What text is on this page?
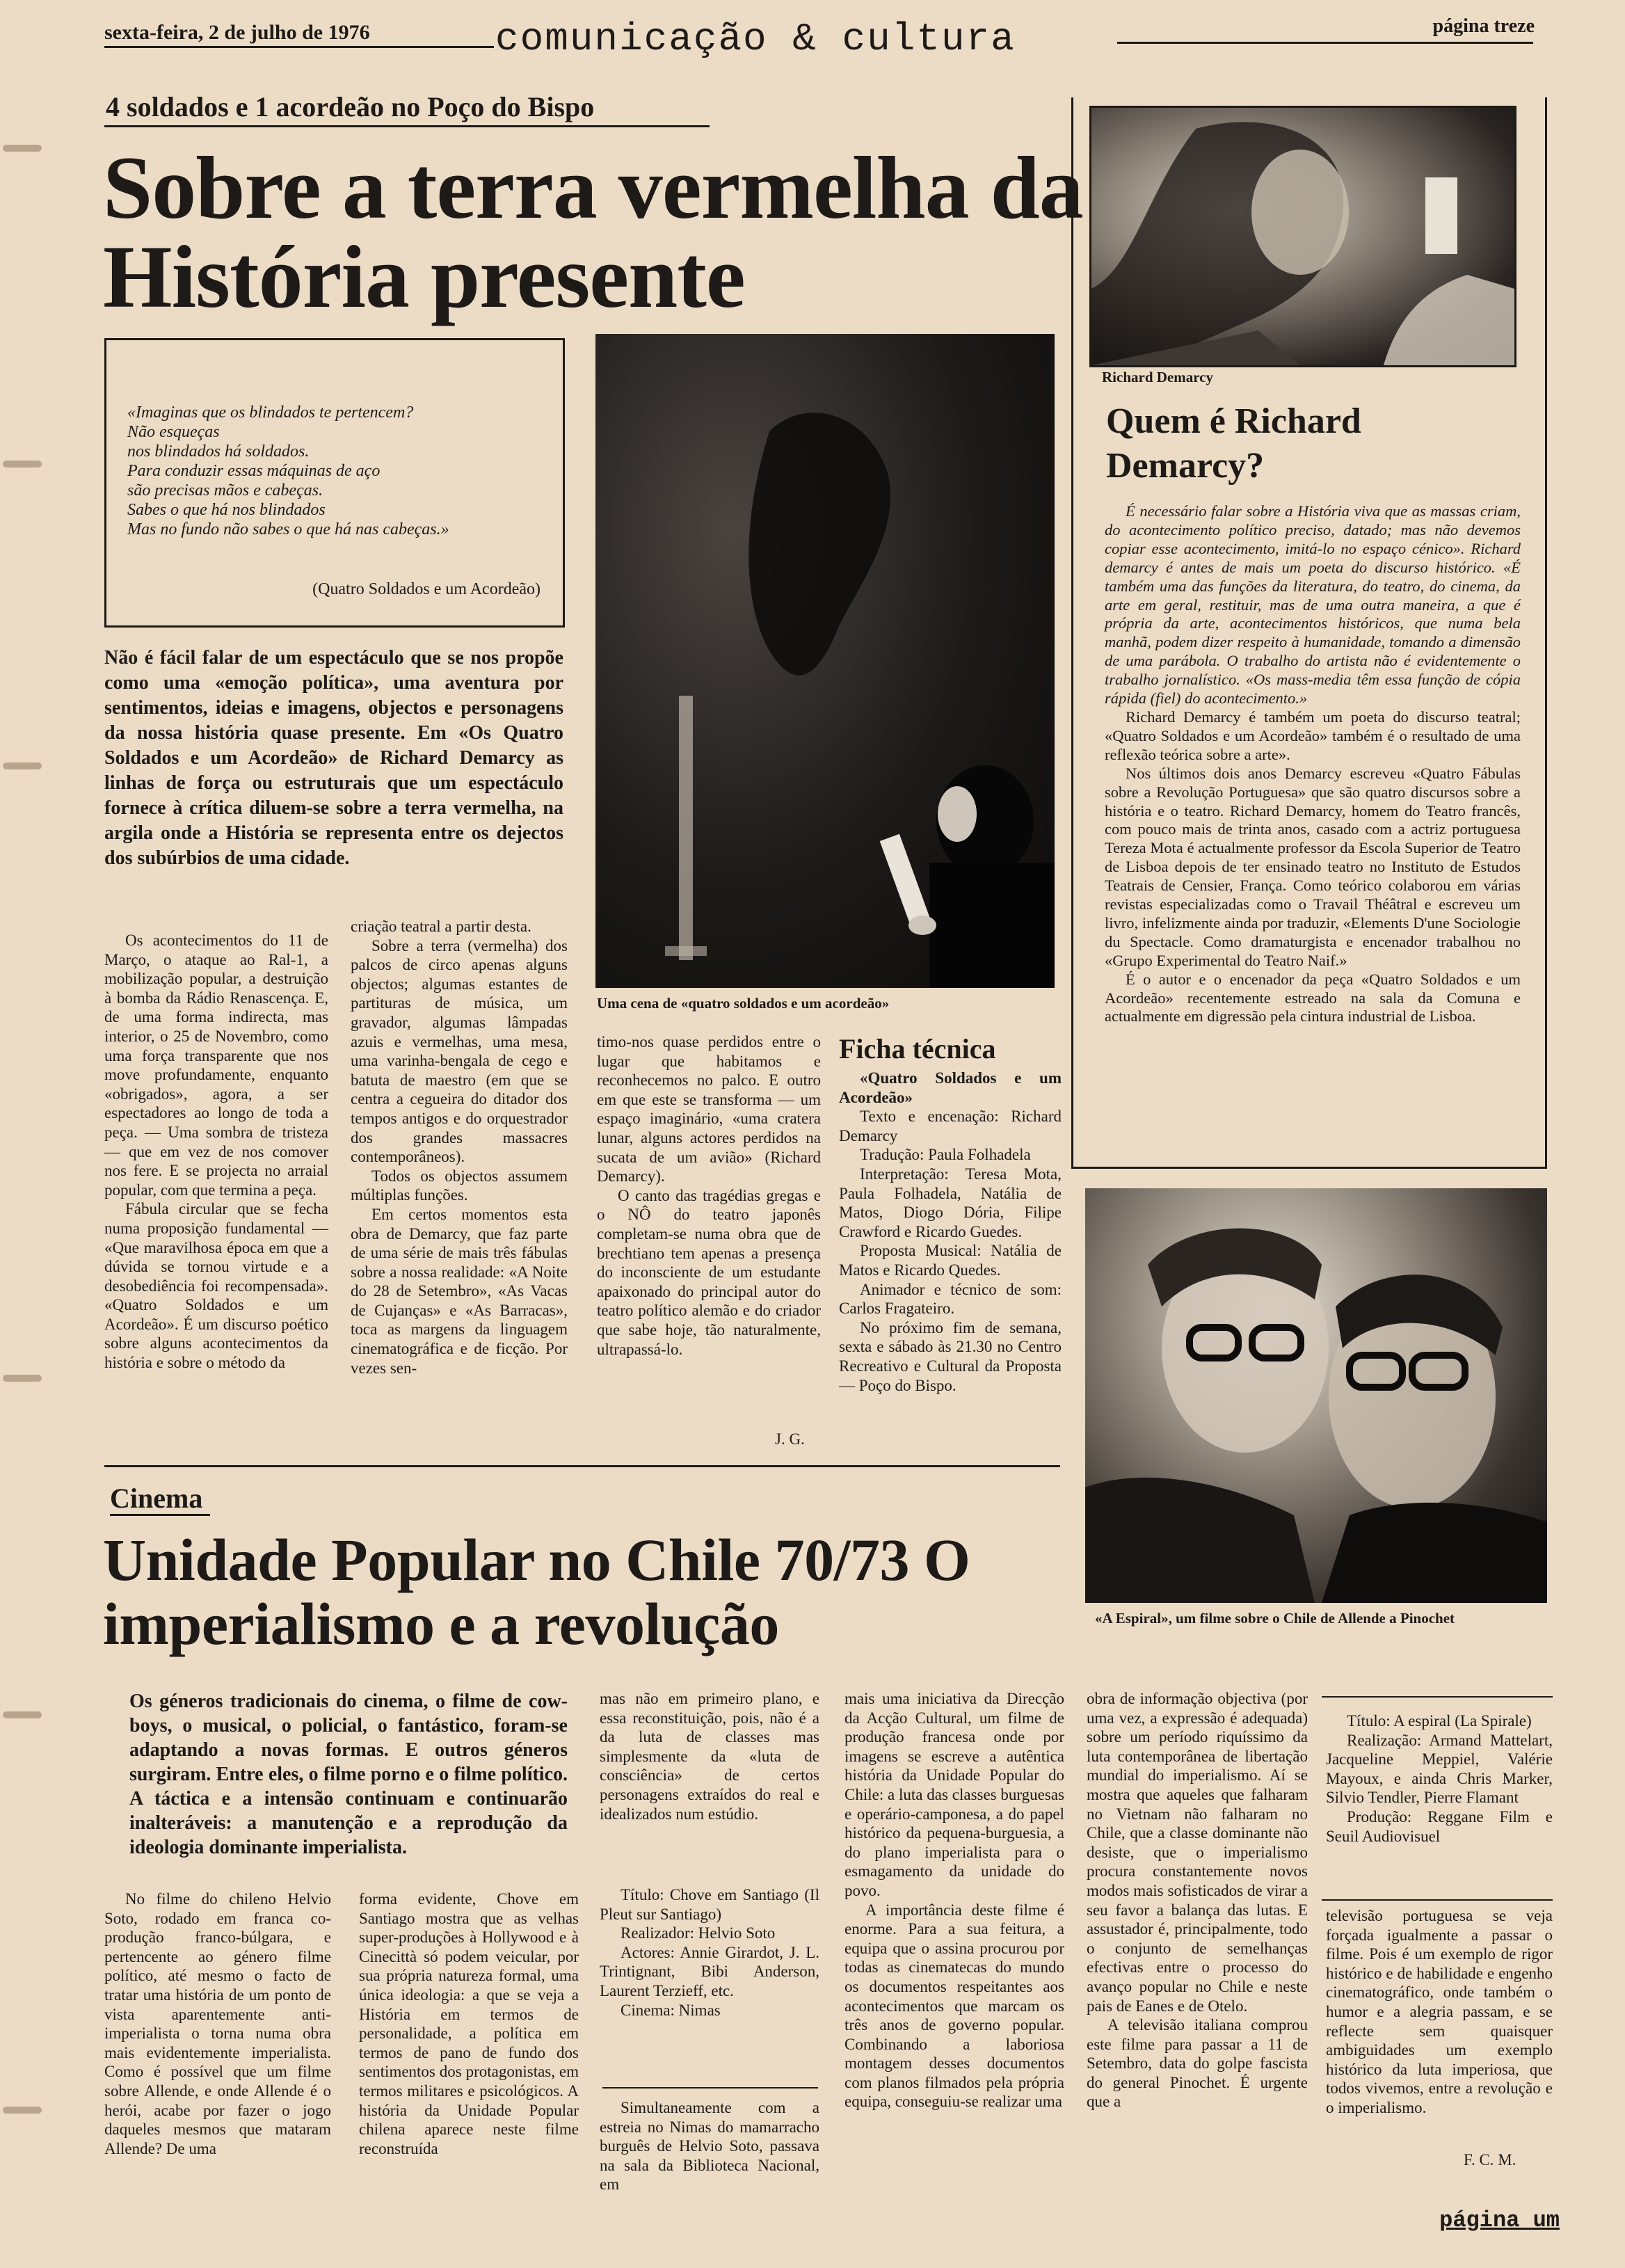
sexta-feira, 2 de julho de 1976	comunicação & cultura	página treze
4 soldados e 1 acordeão no Poço do Bispo
Sobre a terra vermelha da História presente
«Imaginas que os blindados te pertencem?
Não esqueças
nos blindados há soldados.
Para conduzir essas máquinas de aço
são precisas mãos e cabeças.
Sabes o que há nos blindados
Mas no fundo não sabes o que há nas cabeças.»
(Quatro Soldados e um Acordeão)
Não é fácil falar de um espectáculo que se nos propõe como uma «emoção política», uma aventura por sentimentos, ideias e imagens, objectos e personagens da nossa história quase presente. Em «Os Quatro Soldados e um Acordeão» de Richard Demarcy as linhas de força ou estruturais que um espectáculo fornece à crítica diluem-se sobre a terra vermelha, na argila onde a História se representa entre os dejectos dos subúrbios de uma cidade.

Os acontecimentos do 11 de Março, o ataque ao Ral-1, a mobilização popular, a destruição à bomba da Rádio Renascença. E, de uma forma indirecta, mas interior, o 25 de Novembro, como uma força transparente que nos move profundamente, enquanto «obrigados», agora, a ser espectadores ao longo de toda a peça. — Uma sombra de tristeza — que em vez de nos comover nos fere. E se projecta no arraial popular, com que termina a peça.

Fábula circular que se fecha numa proposição fundamental — «Que maravilhosa época em que a dúvida se tornou virtude e a desobediência foi recompensada». «Quatro Soldados e um Acordeão». É um discurso poético sobre alguns acontecimentos da história e sobre o método da

criação teatral a partir desta.

Sobre a terra (vermelha) dos palcos de circo apenas alguns objectos; algumas estantes de partituras de música, um gravador, algumas lâmpadas azuis e vermelhas, uma mesa, uma varinha-bengala de cego e batuta de maestro (em que se centra a cegueira do ditador dos tempos antigos e do orquestrador dos grandes massacres contemporâneos).

Todos os objectos assumem múltiplas funções.

Em certos momentos esta obra de Demarcy, que faz parte de uma série de mais três fábulas sobre a nossa realidade: «A Noite do 28 de Setembro», «As Vacas de Cujanças» e «As Barracas», toca as margens da linguagem cinematográfica e de ficção. Por vezes sen-

Uma cena de «quatro soldados e um acordeão»

timo-nos quase perdidos entre o lugar que habitamos e reconhecemos no palco. E outro em que este se transforma — um espaço imaginário, «uma cratera lunar, alguns actores perdidos na sucata de um avião» (Richard Demarcy).

O canto das tragédias gregas e o NÔ do teatro japonês completam-se numa obra que de brechtiano tem apenas a presença do inconsciente de um estudante apaixonado do principal autor do teatro político alemão e do criador que sabe hoje, tão naturalmente, ultrapassá-lo.

J. G.
Ficha técnica

«Quatro Soldados e um Acordeão»

Texto e encenação: Richard Demarcy

Tradução: Paula Folhadela

Interpretação: Teresa Mota, Paula Folhadela, Natália de Matos, Diogo Dória, Filipe Crawford e Ricardo Guedes.

Proposta Musical: Natália de Matos e Ricardo Quedes.

Animador e técnico de som: Carlos Fragateiro.

No próximo fim de semana, sexta e sábado às 21.30 no Centro Recreativo e Cultural da Proposta — Poço do Bispo.

Richard Demarcy
Quem é Richard Demarcy?

É necessário falar sobre a História viva que as massas criam, do acontecimento político preciso, datado; mas não devemos copiar esse acontecimento, imitá-lo no espaço cénico». Richard demarcy é antes de mais um poeta do discurso histórico. «É também uma das funções da literatura, do teatro, do cinema, da arte em geral, restituir, mas de uma outra maneira, a que é própria da arte, acontecimentos históricos, que numa bela manhã, podem dizer respeito à humanidade, tomando a dimensão de uma parábola. O trabalho do artista não é evidentemente o trabalho jornalístico. «Os mass-media têm essa função de cópia rápida (fiel) do acontecimento.»

Richard Demarcy é também um poeta do discurso teatral; «Quatro Soldados e um Acordeão» também é o resultado de uma reflexão teórica sobre a arte».

Nos últimos dois anos Demarcy escreveu «Quatro Fábulas sobre a Revolução Portuguesa» que são quatro discursos sobre a história e o teatro. Richard Demarcy, homem do Teatro francês, com pouco mais de trinta anos, casado com a actriz portuguesa Tereza Mota é actualmente professor da Escola Superior de Teatro de Lisboa depois de ter ensinado teatro no Instituto de Estudos Teatrais de Censier, França. Como teórico colaborou em várias revistas especializadas como o Travail Théâtral e escreveu um livro, infelizmente ainda por traduzir, «Elements D'une Sociologie du Spectacle. Como dramaturgista e encenador trabalhou no «Grupo Experimental do Teatro Naif.»

É o autor e o encenador da peça «Quatro Soldados e um Acordeão» recentemente estreado na sala da Comuna e actualmente em digressão pela cintura industrial de Lisboa.

Cinema
Unidade Popular no Chile 70/73 O imperialismo e a revolução
Os géneros tradicionais do cinema, o filme de cow-boys, o musical, o policial, o fantástico, foram-se adaptando a novas formas. E outros géneros surgiram. Entre eles, o filme porno e o filme político. A táctica e a intensão continuam e continuarão inalteráveis: a manutenção e a reprodução da ideologia dominante imperialista.

No filme do chileno Helvio Soto, rodado em franca co-produção franco-búlgara, e pertencente ao género filme político, até mesmo o facto de tratar uma história de um ponto de vista aparentemente anti-imperialista o torna numa obra mais evidentemente imperialista. Como é possível que um filme sobre Allende, e onde Allende é o herói, acabe por fazer o jogo daqueles mesmos que mataram Allende? De uma

forma evidente, Chove em Santiago mostra que as velhas super-produções à Hollywood e à Cinecittà só podem veicular, por sua própria natureza formal, uma única ideologia: a que se veja a História em termos de personalidade, a política em termos de pano de fundo dos sentimentos dos protagonistas, em termos militares e psicológicos. A história da Unidade Popular chilena aparece neste filme reconstruída

mas não em primeiro plano, e essa reconstituição, pois, não é a da luta de classes mas simplesmente da «luta de consciência» de certos personagens extraídos do real e idealizados num estúdio.

Título: Chove em Santiago (Il Pleut sur Santiago)

Realizador: Helvio Soto

Actores: Annie Girardot, J. L. Trintignant, Bibi Anderson, Laurent Terzieff, etc.

Cinema: Nimas

Simultaneamente com a estreia no Nimas do mamarracho burguês de Helvio Soto, passava na sala da Biblioteca Nacional, em

mais uma iniciativa da Direcção da Acção Cultural, um filme de produção francesa onde por imagens se escreve a autêntica história da Unidade Popular do Chile: a luta das classes burguesas e operário-camponesa, a do papel histórico da pequena-burguesia, a do plano imperialista para o esmagamento da unidade do povo.

A importância deste filme é enorme. Para a sua feitura, a equipa que o assina procurou por todas as cinematecas do mundo os documentos respeitantes aos acontecimentos que marcam os três anos de governo popular. Combinando a laboriosa montagem desses documentos com planos filmados pela própria equipa, conseguiu-se realizar uma

obra de informação objectiva (por uma vez, a expressão é adequada) sobre um período riquíssimo da luta contemporânea de libertação mundial do imperialismo. Aí se mostra que aqueles que falharam no Vietnam não falharam no Chile, que a classe dominante não desiste, que o imperialismo procura constantemente novos modos mais sofisticados de virar a seu favor a balança das lutas. E assustador é, principalmente, todo o conjunto de semelhanças efectivas entre o processo do avanço popular no Chile e neste pais de Eanes e de Otelo.

A televisão italiana comprou este filme para passar a 11 de Setembro, data do golpe fascista do general Pinochet. É urgente que a

Título: A espiral (La Spirale)

Realização: Armand Mattelart, Jacqueline Meppiel, Valérie Mayoux, e ainda Chris Marker, Silvio Tendler, Pierre Flamant

Produção: Reggane Film e Seuil Audiovisuel

televisão portuguesa se veja forçada igualmente a passar o filme. Pois é um exemplo de rigor histórico e de habilidade e engenho cinematográfico, onde também o humor e a alegria passam, e se reflecte sem quaisquer ambiguidades um exemplo histórico da luta imperiosa, que todos vivemos, entre a revolução e o imperialismo.

F. C. M.
«A Espiral», um filme sobre o Chile de Allende a Pinochet
página um
